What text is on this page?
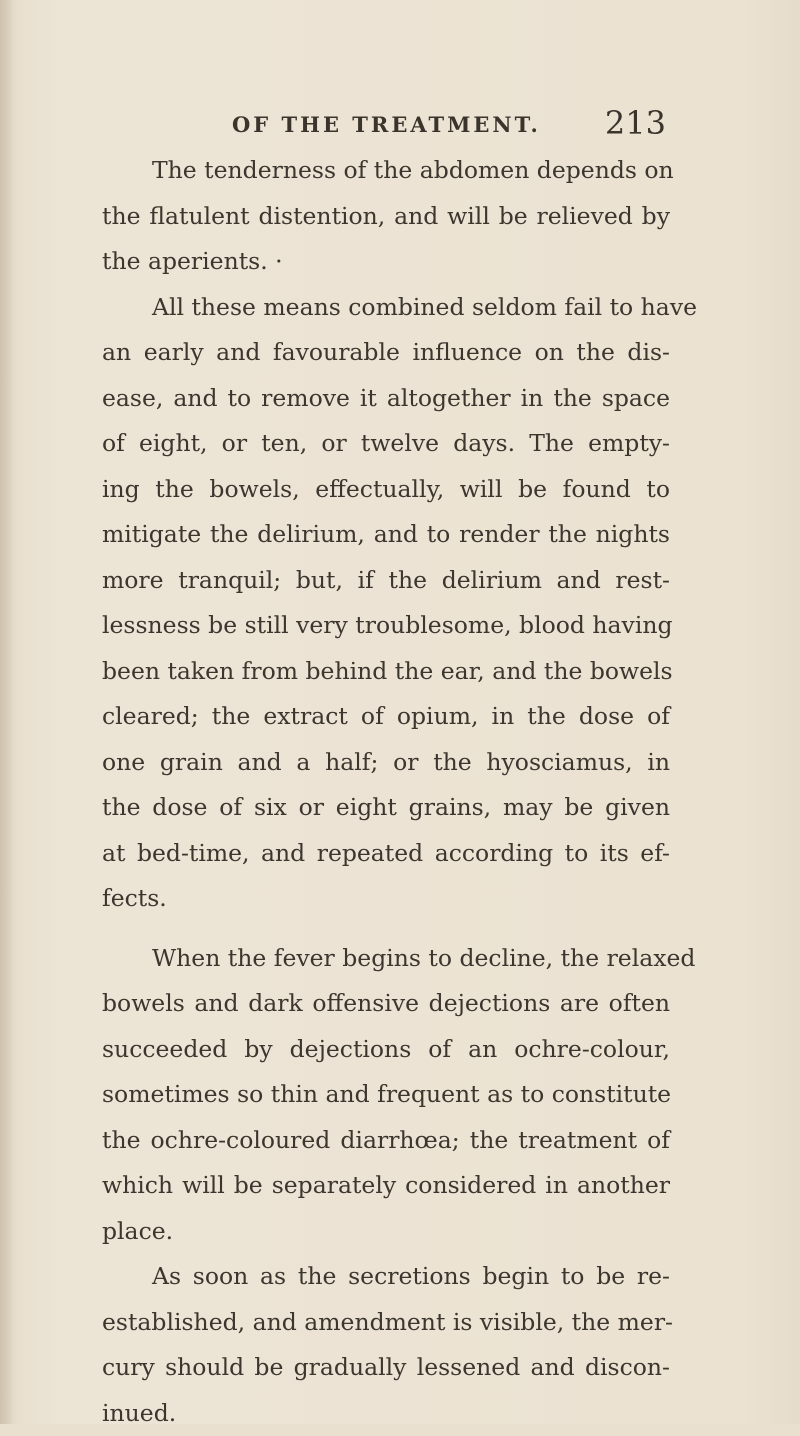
OF THE TREATMENT. 213
The tenderness of the abdomen depends on
the flatulent distention, and will be relieved by
the aperients. ·
All these means combined seldom fail to have
an early and favourable influence on the dis-
ease, and to remove it altogether in the space
of eight, or ten, or twelve days. The empty-
ing the bowels, effectually, will be found to
mitigate the delirium, and to render the nights
more tranquil; but, if the delirium and rest-
lessness be still very troublesome, blood having
been taken from behind the ear, and the bowels
cleared; the extract of opium, in the dose of
one grain and a half; or the hyosciamus, in
the dose of six or eight grains, may be given
at bed-time, and repeated according to its ef-
fects.
When the fever begins to decline, the relaxed
bowels and dark offensive dejections are often
succeeded by dejections of an ochre-colour,
sometimes so thin and frequent as to constitute
the ochre-coloured diarrhœa; the treatment of
which will be separately considered in another
place.
As soon as the secretions begin to be re-
established, and amendment is visible, the mer-
cury should be gradually lessened and discon-
inued.
